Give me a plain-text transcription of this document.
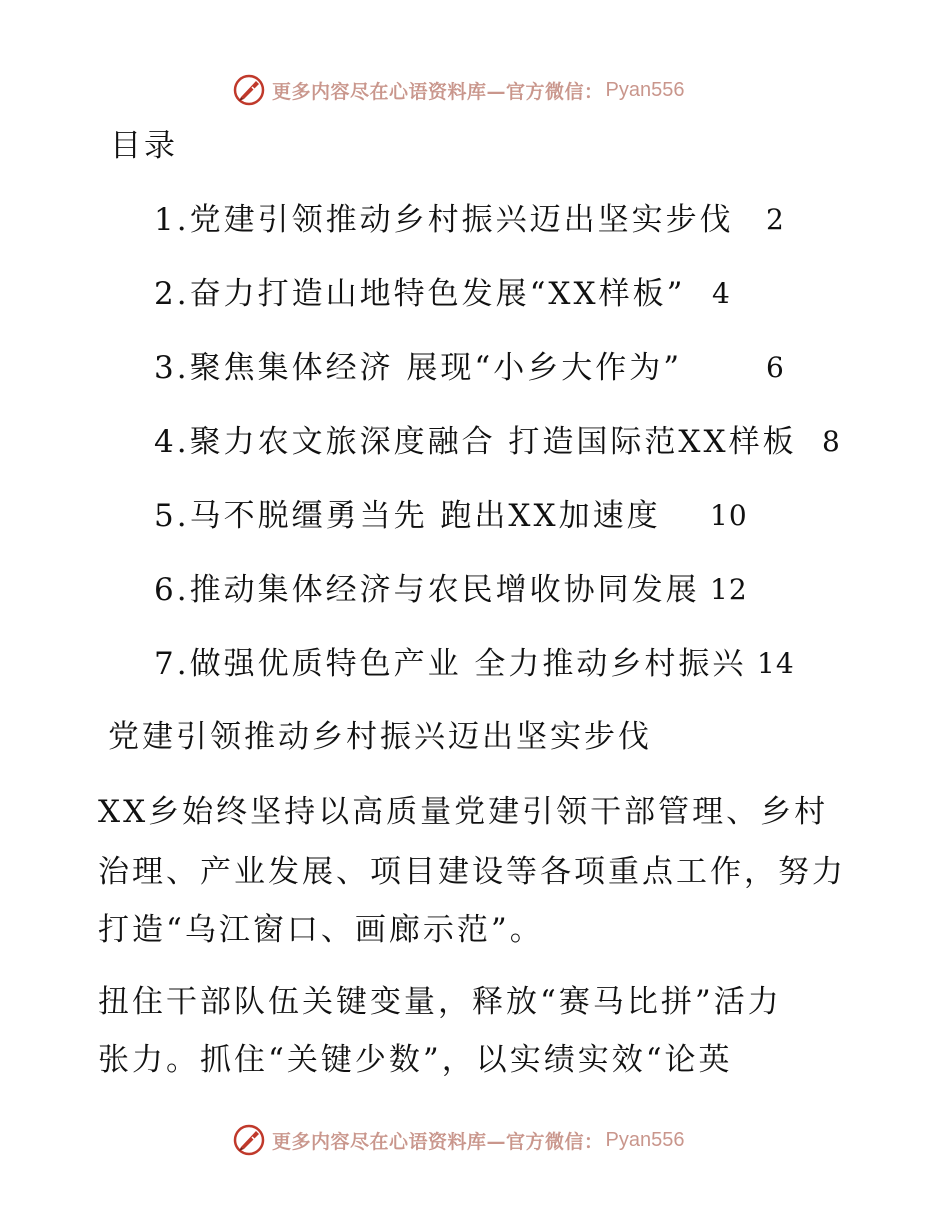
更多内容尽在心语资料库—官方微信： Pyan556
目录
1.党建引领推动乡村振兴迈出坚实步伐 2
2.奋力打造山地特色发展“XX样板” 4
3.聚焦集体经济 展现“小乡大作为”	6
4.聚力农文旅深度融合 打造国际范XX样板 8
5.马不脱缰勇当先 跑出XX加速度 10
6.推动集体经济与农民增收协同发展 12
7.做强优质特色产业 全力推动乡村振兴 14
党建引领推动乡村振兴迈出坚实步伐
XX乡始终坚持以高质量党建引领干部管理、乡村
治理、产业发展、项目建设等各项重点工作，努力
打造“乌江窗口、画廊示范”。
扭住干部队伍关键变量，释放“赛马比拼”活力
张力。抓住“关键少数”，以实绩实效“论英
更多内容尽在心语资料库—官方微信： Pyan556
